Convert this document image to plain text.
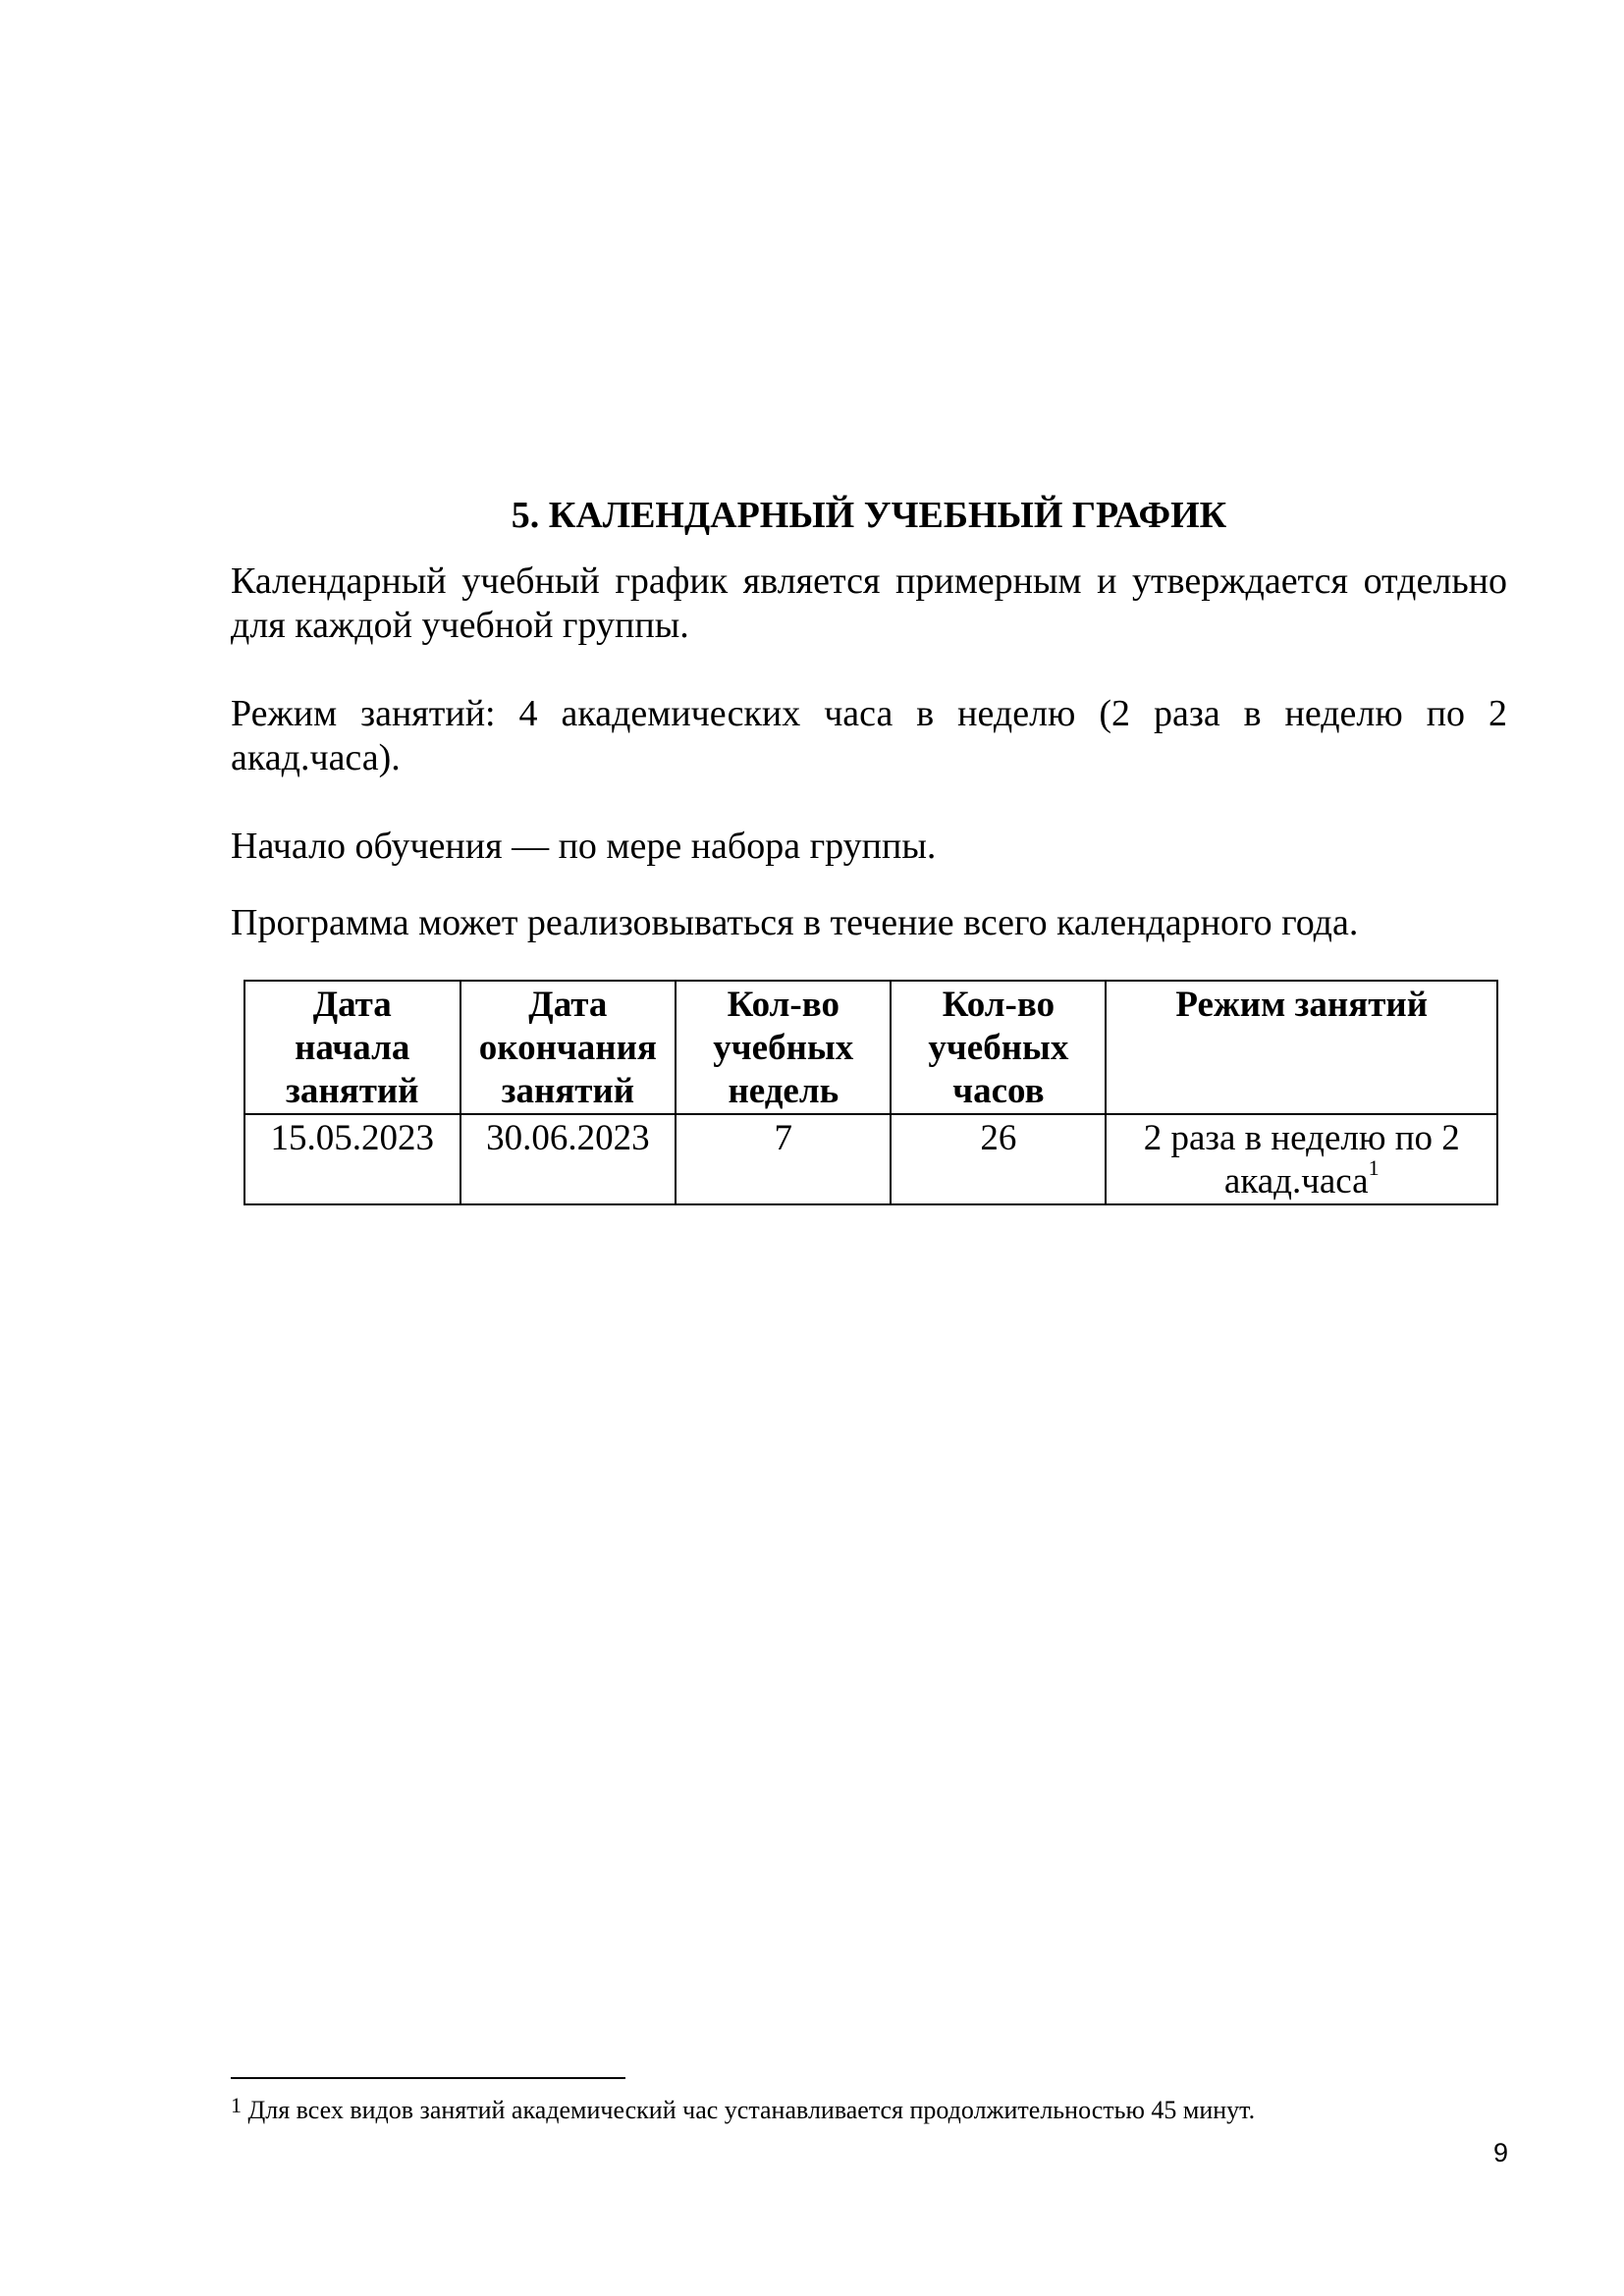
5. КАЛЕНДАРНЫЙ УЧЕБНЫЙ ГРАФИК

Календарный учебный график является примерным и утверждается отдельно для каждой учебной группы.

Режим занятий: 4 академических часа в неделю (2 раза в неделю по 2 акад.часа).

Начало обучения — по мере набора группы.

Программа может реализовываться в течение всего календарного года.

Дата начала занятий	Дата окончания занятий	Кол-во учебных недель	Кол-во учебных часов	Режим занятий
15.05.2023	30.06.2023	7	26	2 раза в неделю по 2 акад.часа$^1$

$^1$ Для всех видов занятий академический час устанавливается продолжительностью 45 минут.

9
